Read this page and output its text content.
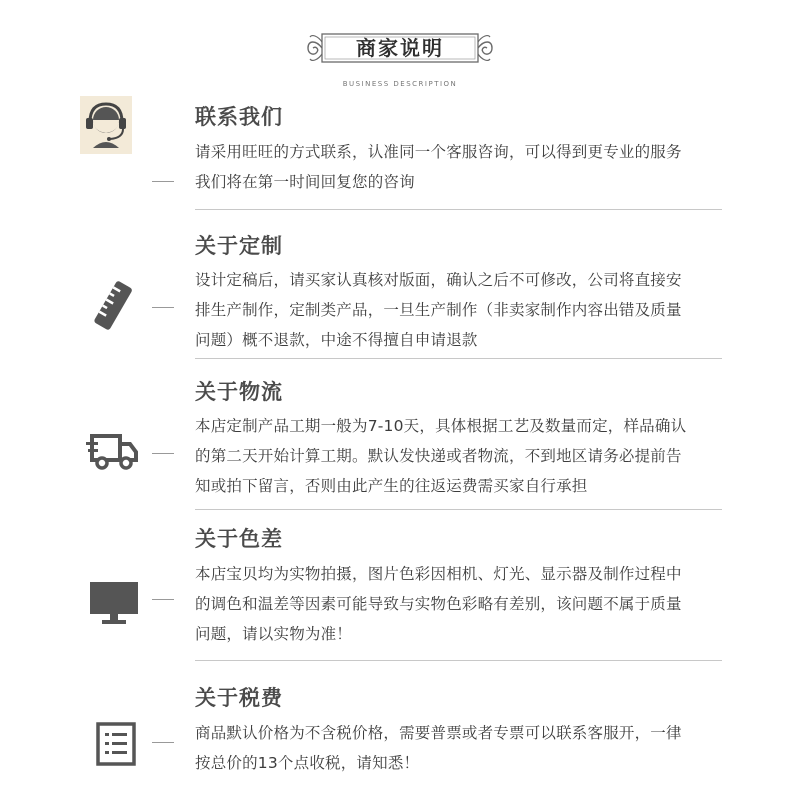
商家说明
BUSINESS DESCRIPTION
联系我们
请采用旺旺的方式联系，认准同一个客服咨询，可以得到更专业的服务
我们将在第一时间回复您的咨询
关于定制
设计定稿后，请买家认真核对版面，确认之后不可修改，公司将直接安
排生产制作，定制类产品，一旦生产制作（非卖家制作内容出错及质量
问题）概不退款，中途不得擅自申请退款
关于物流
本店定制产品工期一般为7-10天，具体根据工艺及数量而定，样品确认
的第二天开始计算工期。默认发快递或者物流，不到地区请务必提前告
知或拍下留言，否则由此产生的往返运费需买家自行承担
关于色差
本店宝贝均为实物拍摄，图片色彩因相机、灯光、显示器及制作过程中
的调色和温差等因素可能导致与实物色彩略有差别，该问题不属于质量
问题，请以实物为准！
关于税费
商品默认价格为不含税价格，需要普票或者专票可以联系客服开，一律
按总价的13个点收税，请知悉！
